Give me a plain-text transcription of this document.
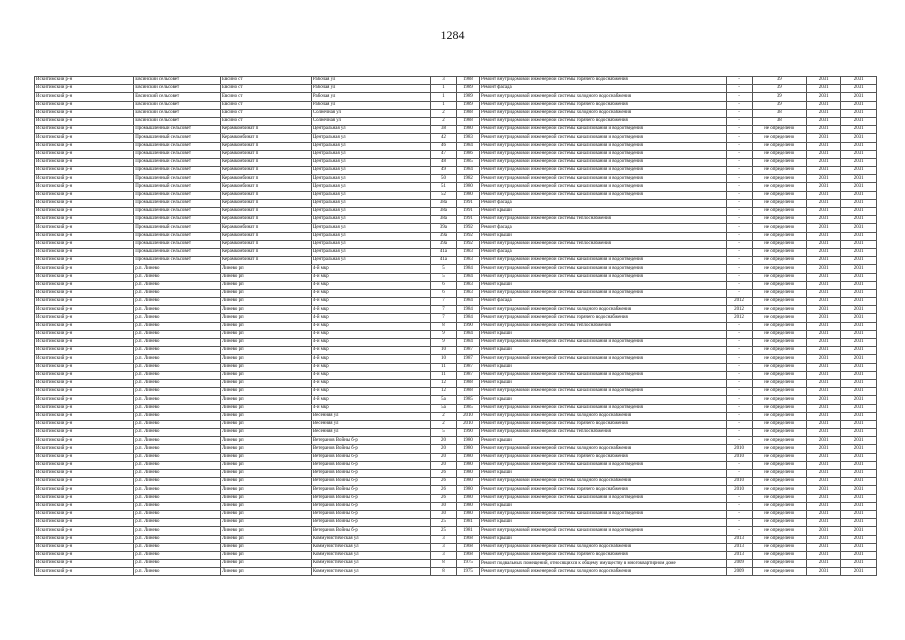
1284
Искитимский р-н	Евсинский сельсовет	Евсино ст	Рабочая ул	3	1988	Ремонт внутридомовой инженерной системы горячего водоснабжения	-	39	2031	2031
Искитимский р-н	Евсинский сельсовет	Евсино ст	Рабочая ул	1	1989	Ремонт фасада	-	39	2031	2031
Искитимский р-н	Евсинский сельсовет	Евсино ст	Рабочая ул	1	1989	Ремонт внутридомовой инженерной системы холодного водоснабжения	-	39	2031	2031
Искитимский р-н	Евсинский сельсовет	Евсино ст	Рабочая ул	1	1989	Ремонт внутридомовой инженерной системы горячего водоснабжения	-	39	2031	2031
Искитимский р-н	Евсинский сельсовет	Евсино ст	Солнечная ул	2	1988	Ремонт внутридомовой инженерной системы холодного водоснабжения	-	38	2031	2031
Искитимский р-н	Евсинский сельсовет	Евсино ст	Солнечная ул	2	1988	Ремонт внутридомовой инженерной системы горячего водоснабжения	-	38	2031	2031
Искитимский р-н	Промышленный сельсовет	Керамкомбинат п	Центральная ул	38	1980	Ремонт внутридомовой инженерной системы канализования и водоотведения	-	не определено	2031	2031
Искитимский р-н	Промышленный сельсовет	Керамкомбинат п	Центральная ул	42	1983	Ремонт внутридомовой инженерной системы канализования и водоотведения	-	не определено	2031	2031
Искитимский р-н	Промышленный сельсовет	Керамкомбинат п	Центральная ул	46	1984	Ремонт внутридомовой инженерной системы канализования и водоотведения	-	не определено	2031	2031
Искитимский р-н	Промышленный сельсовет	Керамкомбинат п	Центральная ул	47	1986	Ремонт внутридомовой инженерной системы канализования и водоотведения	-	не определено	2031	2031
Искитимский р-н	Промышленный сельсовет	Керамкомбинат п	Центральная ул	48	1985	Ремонт внутридомовой инженерной системы канализования и водоотведения	-	не определено	2031	2031
Искитимский р-н	Промышленный сельсовет	Керамкомбинат п	Центральная ул	49	1984	Ремонт внутридомовой инженерной системы канализования и водоотведения	-	не определено	2031	2031
Искитимский р-н	Промышленный сельсовет	Керамкомбинат п	Центральная ул	50	1982	Ремонт внутридомовой инженерной системы канализования и водоотведения	-	не определено	2031	2031
Искитимский р-н	Промышленный сельсовет	Керамкомбинат п	Центральная ул	51	1980	Ремонт внутридомовой инженерной системы канализования и водоотведения	-	не определено	2031	2031
Искитимский р-н	Промышленный сельсовет	Керамкомбинат п	Центральная ул	52	1980	Ремонт внутридомовой инженерной системы канализования и водоотведения	-	не определено	2031	2031
Искитимский р-н	Промышленный сельсовет	Керамкомбинат п	Центральная ул	38а	1991	Ремонт фасада	-	не определено	2031	2031
Искитимский р-н	Промышленный сельсовет	Керамкомбинат п	Центральная ул	38а	1991	Ремонт крыши	-	не определено	2031	2031
Искитимский р-н	Промышленный сельсовет	Керамкомбинат п	Центральная ул	38а	1991	Ремонт внутридомовой инженерной системы теплоснабжения	-	не определено	2031	2031
Искитимский р-н	Промышленный сельсовет	Керамкомбинат п	Центральная ул	39а	1992	Ремонт фасада	-	не определено	2031	2031
Искитимский р-н	Промышленный сельсовет	Керамкомбинат п	Центральная ул	39а	1992	Ремонт крыши	-	не определено	2031	2031
Искитимский р-н	Промышленный сельсовет	Керамкомбинат п	Центральная ул	39а	1992	Ремонт внутридомовой инженерной системы теплоснабжения	-	не определено	2031	2031
Искитимский р-н	Промышленный сельсовет	Керамкомбинат п	Центральная ул	41а	1983	Ремонт фасада	-	не определено	2031	2031
Искитимский р-н	Промышленный сельсовет	Керамкомбинат п	Центральная ул	41а	1983	Ремонт внутридомовой инженерной системы канализования и водоотведения	-	не определено	2031	2031
Искитимский р-н	р.п. Линево	Линево рп	4-й мкр	5	1984	Ремонт внутридомовой инженерной системы канализования и водоотведения	-	не определено	2031	2031
Искитимский р-н	р.п. Линево	Линево рп	4-й мкр	5	1984	Ремонт внутридомовой инженерной системы канализования и водоотведения	-	не определено	2031	2031
Искитимский р-н	р.п. Линево	Линево рп	4-й мкр	6	1983	Ремонт крыши	-	не определено	2031	2031
Искитимский р-н	р.п. Линево	Линево рп	4-й мкр	6	1983	Ремонт внутридомовой инженерной системы канализования и водоотведения	-	не определено	2031	2031
Искитимский р-н	р.п. Линево	Линево рп	4-й мкр	7	1984	Ремонт фасада	2012	не определено	2031	2031
Искитимский р-н	р.п. Линево	Линево рп	4-й мкр	7	1984	Ремонт внутридомовой инженерной системы холодного водоснабжения	2012	не определено	2031	2031
Искитимский р-н	р.п. Линево	Линево рп	4-й мкр	7	1984	Ремонт внутридомовой инженерной системы горячего водоснабжения	2012	не определено	2031	2031
Искитимский р-н	р.п. Линево	Линево рп	4-й мкр	8	1990	Ремонт внутридомовой инженерной системы теплоснабжения	-	не определено	2031	2031
Искитимский р-н	р.п. Линево	Линево рп	4-й мкр	9	1984	Ремонт крыши	-	не определено	2031	2031
Искитимский р-н	р.п. Линево	Линево рп	4-й мкр	9	1984	Ремонт внутридомовой инженерной системы канализования и водоотведения	-	не определено	2031	2031
Искитимский р-н	р.п. Линево	Линево рп	4-й мкр	10	1987	Ремонт крыши	-	не определено	2031	2031
Искитимский р-н	р.п. Линево	Линево рп	4-й мкр	10	1987	Ремонт внутридомовой инженерной системы канализования и водоотведения	-	не определено	2031	2031
Искитимский р-н	р.п. Линево	Линево рп	4-й мкр	11	1987	Ремонт крыши	-	не определено	2031	2031
Искитимский р-н	р.п. Линево	Линево рп	4-й мкр	11	1987	Ремонт внутридомовой инженерной системы канализования и водоотведения	-	не определено	2031	2031
Искитимский р-н	р.п. Линево	Линево рп	4-й мкр	12	1988	Ремонт крыши	-	не определено	2031	2031
Искитимский р-н	р.п. Линево	Линево рп	4-й мкр	12	1988	Ремонт внутридомовой инженерной системы канализования и водоотведения	-	не определено	2031	2031
Искитимский р-н	р.п. Линево	Линево рп	4-й мкр	5а	1985	Ремонт крыши	-	не определено	2031	2031
Искитимский р-н	р.п. Линево	Линево рп	4-й мкр	5а	1985	Ремонт внутридомовой инженерной системы канализования и водоотведения	-	не определено	2031	2031
Искитимский р-н	р.п. Линево	Линево рп	Весенняя ул	2	2010	Ремонт внутридомовой инженерной системы холодного водоснабжения	-	не определено	2031	2031
Искитимский р-н	р.п. Линево	Линево рп	Весенняя ул	2	2010	Ремонт внутридомовой инженерной системы горячего водоснабжения	-	не определено	2031	2031
Искитимский р-н	р.п. Линево	Линево рп	Весенняя ул	5	1990	Ремонт внутридомовой инженерной системы теплоснабжения	-	не определено	2031	2031
Искитимский р-н	р.п. Линево	Линево рп	Ветеранов Войны б-р	20	1980	Ремонт крыши	-	не определено	2031	2031
Искитимский р-н	р.п. Линево	Линево рп	Ветеранов Войны б-р	20	1980	Ремонт внутридомовой инженерной системы холодного водоснабжения	2010	не определено	2031	2031
Искитимский р-н	р.п. Линево	Линево рп	Ветеранов Войны б-р	20	1980	Ремонт внутридомовой инженерной системы горячего водоснабжения	2010	не определено	2031	2031
Искитимский р-н	р.п. Линево	Линево рп	Ветеранов Войны б-р	20	1980	Ремонт внутридомовой инженерной системы канализования и водоотведения	-	не определено	2031	2031
Искитимский р-н	р.п. Линево	Линево рп	Ветеранов Войны б-р	26	1980	Ремонт крыши	-	не определено	2031	2031
Искитимский р-н	р.п. Линево	Линево рп	Ветеранов Войны б-р	26	1980	Ремонт внутридомовой инженерной системы холодного водоснабжения	2010	не определено	2031	2031
Искитимский р-н	р.п. Линево	Линево рп	Ветеранов Войны б-р	26	1980	Ремонт внутридомовой инженерной системы горячего водоснабжения	2010	не определено	2031	2031
Искитимский р-н	р.п. Линево	Линево рп	Ветеранов Войны б-р	26	1980	Ремонт внутридомовой инженерной системы канализования и водоотведения	-	не определено	2031	2031
Искитимский р-н	р.п. Линево	Линево рп	Ветеранов Войны б-р	30	1980	Ремонт крыши	-	не определено	2031	2031
Искитимский р-н	р.п. Линево	Линево рп	Ветеранов Войны б-р	30	1980	Ремонт внутридомовой инженерной системы канализования и водоотведения	-	не определено	2031	2031
Искитимский р-н	р.п. Линево	Линево рп	Ветеранов Войны б-р	25	1981	Ремонт крыши	-	не определено	2031	2031
Искитимский р-н	р.п. Линево	Линево рп	Ветеранов Войны б-р	25	1981	Ремонт внутридомовой инженерной системы канализования и водоотведения	-	не определено	2031	2031
Искитимский р-н	р.п. Линево	Линево рп	Коммунистическая ул	3	1968	Ремонт крыши	2013	не определено	2031	2031
Искитимский р-н	р.п. Линево	Линево рп	Коммунистическая ул	3	1968	Ремонт внутридомовой инженерной системы холодного водоснабжения	2013	не определено	2031	2031
Искитимский р-н	р.п. Линево	Линево рп	Коммунистическая ул	3	1968	Ремонт внутридомовой инженерной системы горячего водоснабжения	2013	не определено	2031	2031
Искитимский р-н	р.п. Линево	Линево рп	Коммунистическая ул	8	1975	Ремонт подвальных помещений, относящихся к общему имуществу в многоквартирном доме	2009	не определено	2031	2031
Искитимский р-н	р.п. Линево	Линево рп	Коммунистическая ул	8	1975	Ремонт внутридомовой инженерной системы холодного водоснабжения	2009	не определено	2031	2031
